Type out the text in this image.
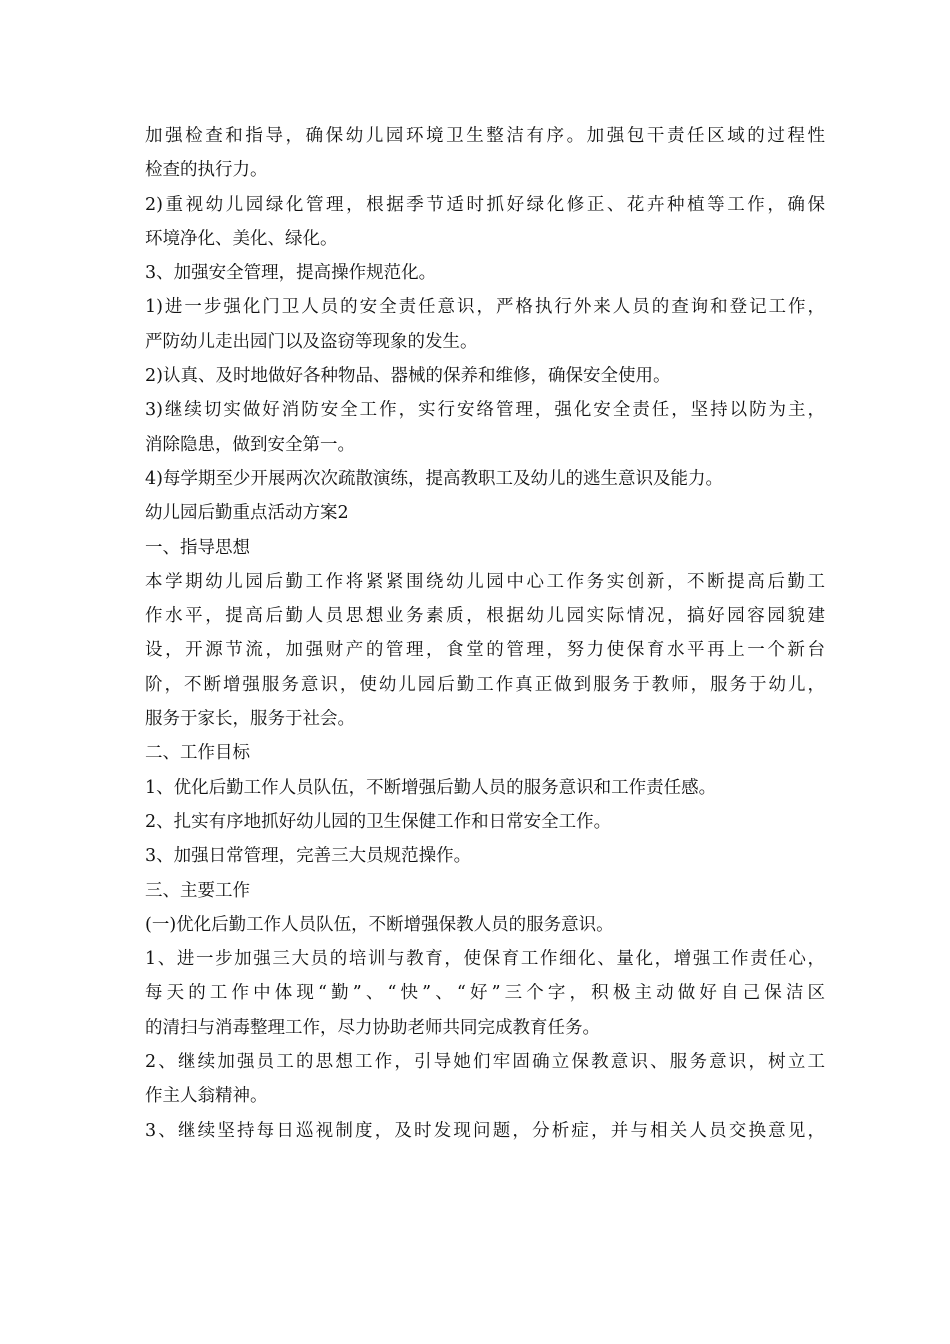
加强检查和指导，确保幼儿园环境卫生整洁有序。加强包干责任区域的过程性
检查的执行力。
2)重视幼儿园绿化管理，根据季节适时抓好绿化修正、花卉种植等工作，确保
环境净化、美化、绿化。
3、加强安全管理，提高操作规范化。
1)进一步强化门卫人员的安全责任意识，严格执行外来人员的查询和登记工作，
严防幼儿走出园门以及盗窃等现象的发生。
2)认真、及时地做好各种物品、器械的保养和维修，确保安全使用。
3)继续切实做好消防安全工作，实行安络管理，强化安全责任，坚持以防为主，
消除隐患，做到安全第一。
4)每学期至少开展两次次疏散演练，提高教职工及幼儿的逃生意识及能力。
幼儿园后勤重点活动方案2
一、指导思想
本学期幼儿园后勤工作将紧紧围绕幼儿园中心工作务实创新，不断提高后勤工
作水平，提高后勤人员思想业务素质，根据幼儿园实际情况，搞好园容园貌建
设，开源节流，加强财产的管理，食堂的管理，努力使保育水平再上一个新台
阶，不断增强服务意识，使幼儿园后勤工作真正做到服务于教师，服务于幼儿，
服务于家长，服务于社会。
二、工作目标
1、优化后勤工作人员队伍，不断增强后勤人员的服务意识和工作责任感。
2、扎实有序地抓好幼儿园的卫生保健工作和日常安全工作。
3、加强日常管理，完善三大员规范操作。
三、主要工作
(一)优化后勤工作人员队伍，不断增强保教人员的服务意识。
1、进一步加强三大员的培训与教育，使保育工作细化、量化，增强工作责任心，
每天的工作中体现“勤”、“快”、“好”三个字，积极主动做好自己保洁区
的清扫与消毒整理工作，尽力协助老师共同完成教育任务。
2、继续加强员工的思想工作，引导她们牢固确立保教意识、服务意识，树立工
作主人翁精神。
3、继续坚持每日巡视制度，及时发现问题，分析症，并与相关人员交换意见，
